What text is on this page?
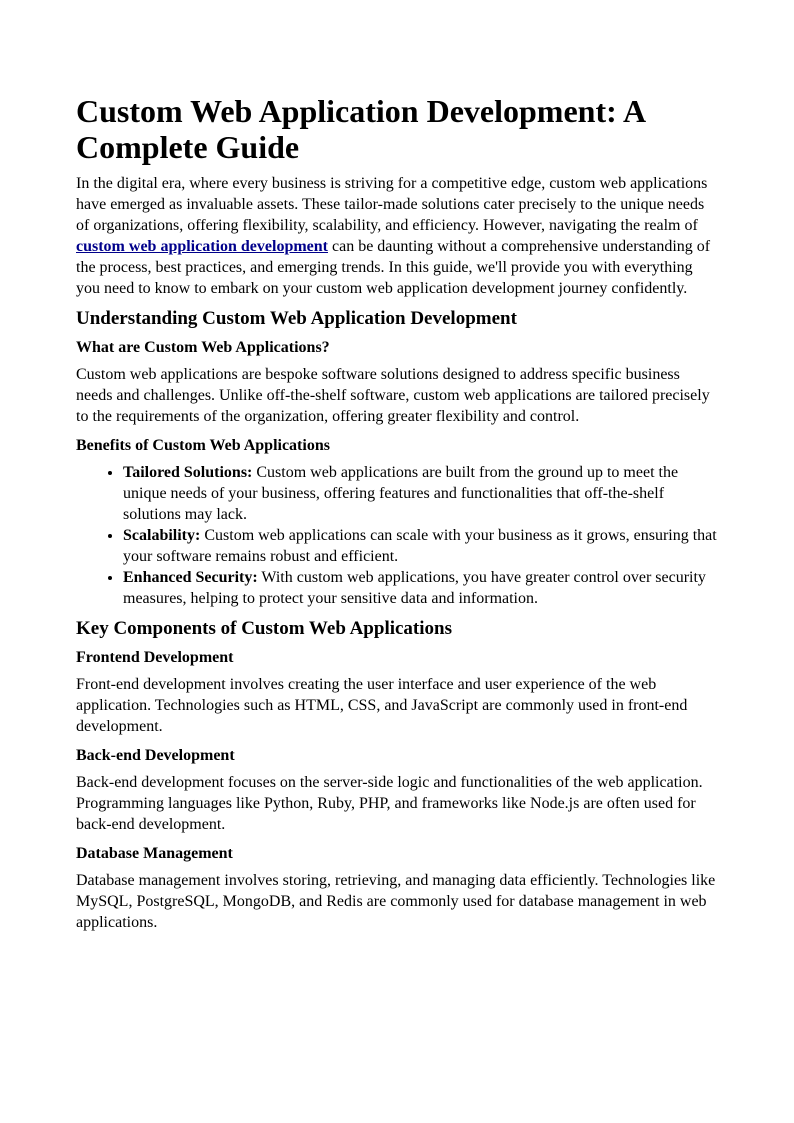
Custom Web Application Development: A Complete Guide

In the digital era, where every business is striving for a competitive edge, custom web applications have emerged as invaluable assets. These tailor-made solutions cater precisely to the unique needs of organizations, offering flexibility, scalability, and efficiency. However, navigating the realm of custom web application development can be daunting without a comprehensive understanding of the process, best practices, and emerging trends. In this guide, we'll provide you with everything you need to know to embark on your custom web application development journey confidently.

Understanding Custom Web Application Development
What are Custom Web Applications?

Custom web applications are bespoke software solutions designed to address specific business needs and challenges. Unlike off-the-shelf software, custom web applications are tailored precisely to the requirements of the organization, offering greater flexibility and control.

Benefits of Custom Web Applications
• Tailored Solutions: Custom web applications are built from the ground up to meet the unique needs of your business, offering features and functionalities that off-the-shelf solutions may lack.
• Scalability: Custom web applications can scale with your business as it grows, ensuring that your software remains robust and efficient.
• Enhanced Security: With custom web applications, you have greater control over security measures, helping to protect your sensitive data and information.
Key Components of Custom Web Applications
Frontend Development

Front-end development involves creating the user interface and user experience of the web application. Technologies such as HTML, CSS, and JavaScript are commonly used in front-end development.

Back-end Development

Back-end development focuses on the server-side logic and functionalities of the web application. Programming languages like Python, Ruby, PHP, and frameworks like Node.js are often used for back-end development.

Database Management

Database management involves storing, retrieving, and managing data efficiently. Technologies like MySQL, PostgreSQL, MongoDB, and Redis are commonly used for database management in web applications.
